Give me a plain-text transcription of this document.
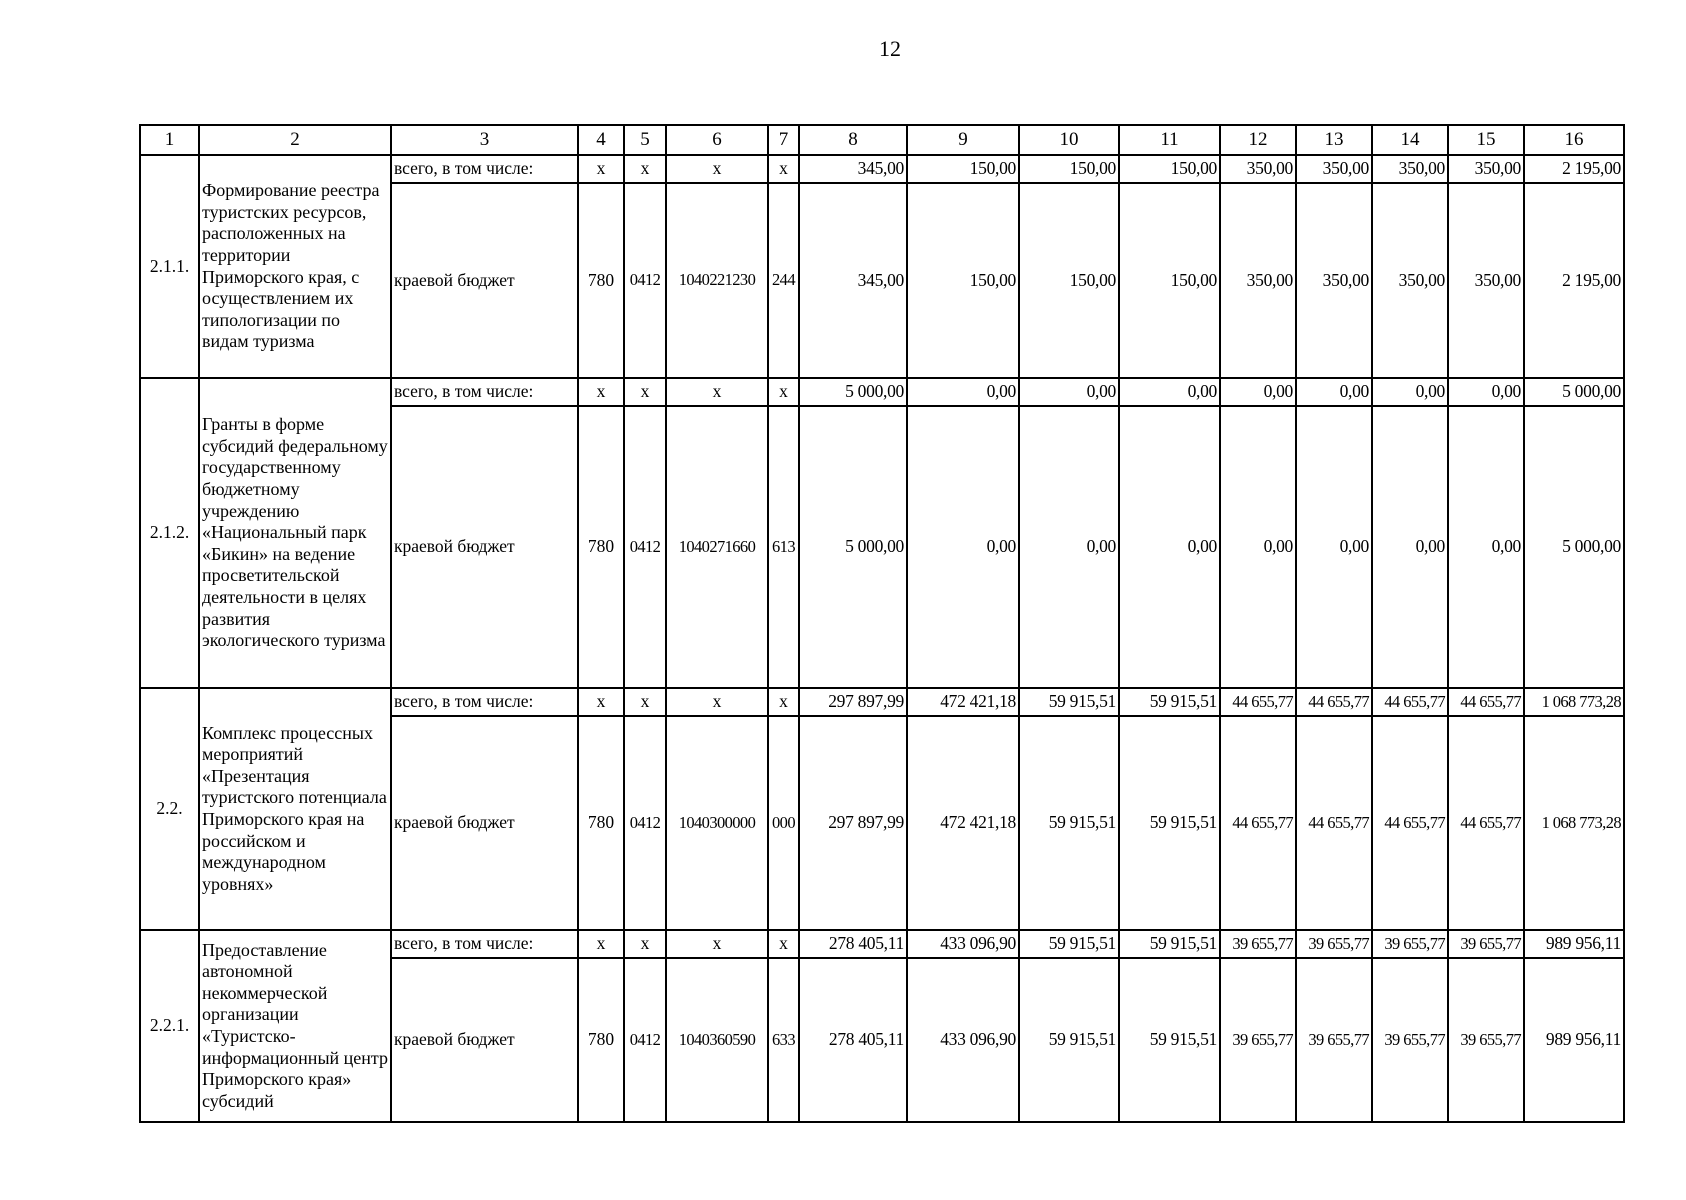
12
1	2	3	4	5	6	7	8	9	10	11	12	13	14	15	16
2.1.1.	Формирование реестра туристских ресурсов, расположенных на территории Приморского края, с осуществлением их типологизации по видам туризма	всего, в том числе:	х	х	х	х	345,00	150,00	150,00	150,00	350,00	350,00	350,00	350,00	2 195,00
		краевой бюджет	780	0412	1040221230	244	345,00	150,00	150,00	150,00	350,00	350,00	350,00	350,00	2 195,00
2.1.2.	Гранты в форме субсидий федеральному государственному бюджетному учреждению «Национальный парк «Бикин» на ведение просветительской деятельности в целях развития экологического туризма	всего, в том числе:	х	х	х	х	5 000,00	0,00	0,00	0,00	0,00	0,00	0,00	0,00	5 000,00
		краевой бюджет	780	0412	1040271660	613	5 000,00	0,00	0,00	0,00	0,00	0,00	0,00	0,00	5 000,00
2.2.	Комплекс процессных мероприятий «Презентация туристского потенциала Приморского края на российском и международном уровнях»	всего, в том числе:	х	х	х	х	297 897,99	472 421,18	59 915,51	59 915,51	44 655,77	44 655,77	44 655,77	44 655,77	1 068 773,28
		краевой бюджет	780	0412	1040300000	000	297 897,99	472 421,18	59 915,51	59 915,51	44 655,77	44 655,77	44 655,77	44 655,77	1 068 773,28
2.2.1.	Предоставление автономной некоммерческой организации «Туристско-информационный центр Приморского края» субсидий	всего, в том числе:	х	х	х	х	278 405,11	433 096,90	59 915,51	59 915,51	39 655,77	39 655,77	39 655,77	39 655,77	989 956,11
		краевой бюджет	780	0412	1040360590	633	278 405,11	433 096,90	59 915,51	59 915,51	39 655,77	39 655,77	39 655,77	39 655,77	989 956,11
